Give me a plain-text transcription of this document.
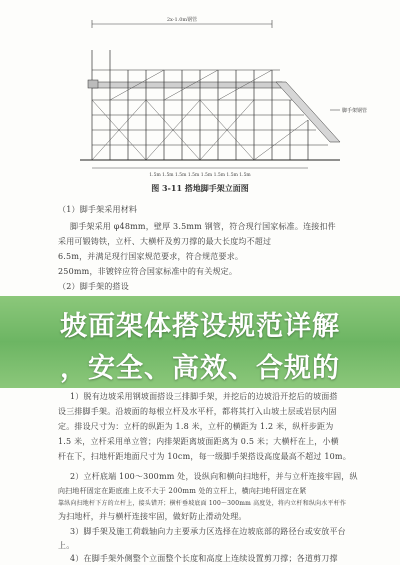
2x-1.0m钢管
脚手架钢管
1.5m 1.5m 1.5m 1.5m 1.5m 1.5m 1.5m 1.5m
图 3-11 搭地脚手架立面图
（1）脚手架采用材料
脚手架采用 φ48mm，壁厚 3.5mm 钢管，符合现行国家标准。连接扣件
采用可锻铸铁，立杆、大横杆及剪刀撑的最大长度均不超过
6.5m，并满足现行国家规范要求，符合规范要求。
250mm，非镀锌应符合国家标准中的有关规定。
（2）脚手架的搭设
1）脱有边坡采用钢坡面搭设三排脚手架，并挖后的边坡沿开挖后的坡面搭
设三排脚手架。沿坡面的每根立杆及水平杆，都将其打入山坡土层或岩层内固
定。排设尺寸为：立杆的纵距为 1.8 米，立杆的横距为 1.2 米，纵杆步距为
1.5 米，立杆采用单立管；内排架距离坡面距离为 0.5 米；大横杆在上，小横
杆在下，扫地杆距地面尺寸为 10cm，每一级脚手架搭设高度最高不超过 10m。
2）立杆底端 100～300mm 处，设纵向和横向扫地杆，并与立杆连接牢固，纵
向扫地杆固定在距底座上皮不大于 200mm 处的立杆上，横向扫地杆固定在紧
靠纵向扫地杆下方的立杆上，接头错开；横杆垂坡底面 100～300mm 高度处，将内立杆和纵向水平杆作
为扫地杆，并与横杆连接牢固，做好防止滑动处理。
3）脚手架及施工荷载轴向力主要承力区选择在边坡底部的路径台或安放平台
上。
4）在脚手架外侧整个立面整个长度和高度上连续设置剪刀撑；各道剪刀撑
坡面架体搭设规范详解
，安全、高效、合规的
